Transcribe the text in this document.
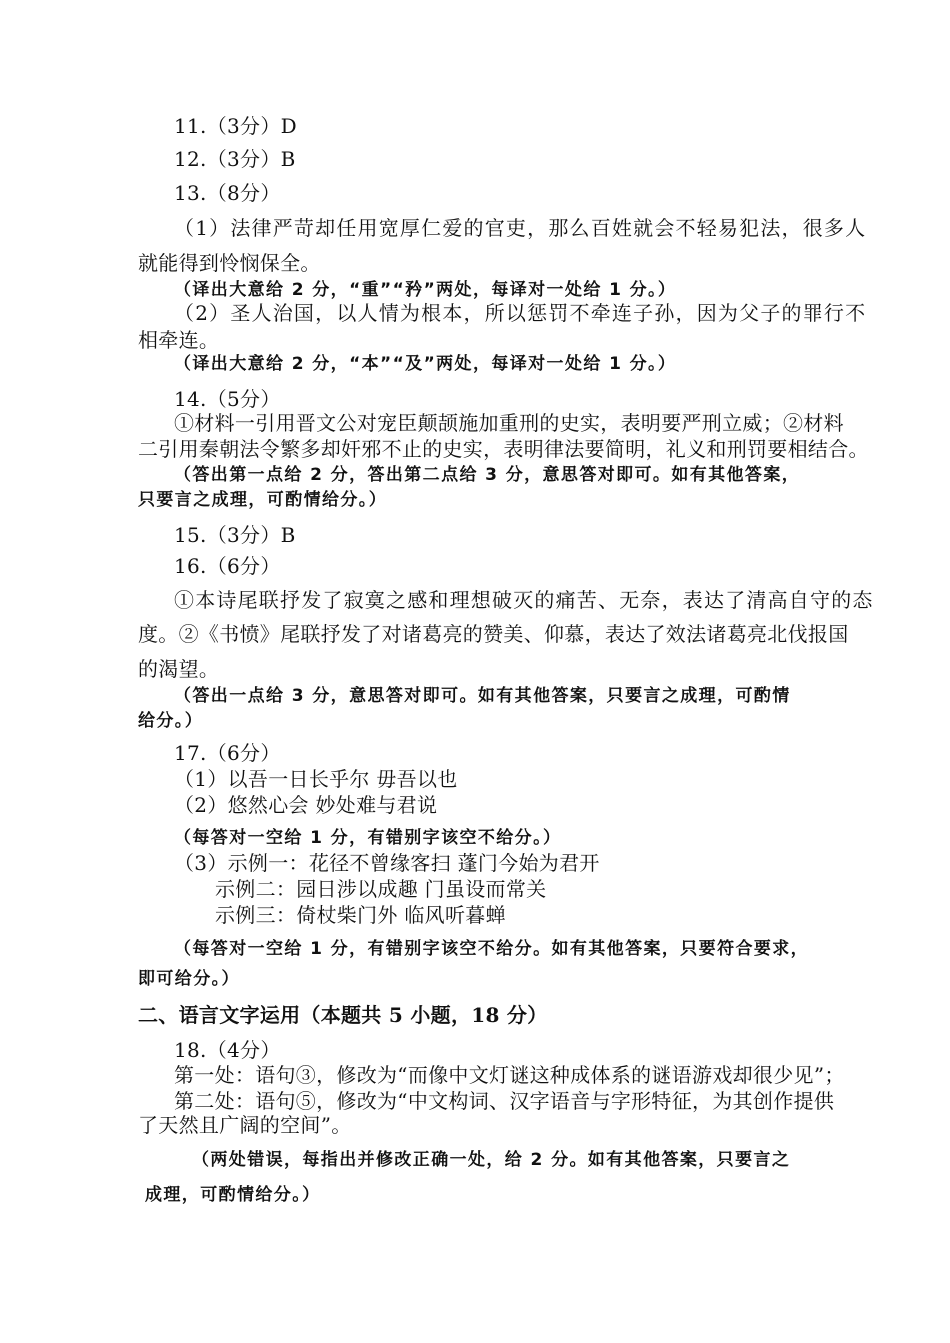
11.（3分）D
12.（3分）B
13.（8分）
（1）法律严苛却任用宽厚仁爱的官吏，那么百姓就会不轻易犯法，很多人
就能得到怜悯保全。
（译出大意给 2 分，“重”“矜”两处，每译对一处给 1 分。）
（2）圣人治国，以人情为根本，所以惩罚不牵连子孙，因为父子的罪行不
相牵连。
（译出大意给 2 分，“本”“及”两处，每译对一处给 1 分。）
14.（5分）
①材料一引用晋文公对宠臣颠颉施加重刑的史实，表明要严刑立威；②材料
二引用秦朝法令繁多却奸邪不止的史实，表明律法要简明，礼义和刑罚要相结合。
（答出第一点给 2 分，答出第二点给 3 分，意思答对即可。如有其他答案，
只要言之成理，可酌情给分。）
15.（3分）B
16.（6分）
①本诗尾联抒发了寂寞之感和理想破灭的痛苦、无奈，表达了清高自守的态
度。②《书愤》尾联抒发了对诸葛亮的赞美、仰慕，表达了效法诸葛亮北伐报国
的渴望。
（答出一点给 3 分，意思答对即可。如有其他答案，只要言之成理，可酌情
给分。）
17.（6分）
（1）以吾一日长乎尔 毋吾以也
（2）悠然心会 妙处难与君说
（每答对一空给 1 分，有错别字该空不给分。）
（3）示例一：花径不曾缘客扫 蓬门今始为君开
示例二：园日涉以成趣 门虽设而常关
示例三：倚杖柴门外 临风听暮蝉
（每答对一空给 1 分，有错别字该空不给分。如有其他答案，只要符合要求，
即可给分。）
二、语言文字运用（本题共 5 小题，18 分）
18.（4分）
第一处：语句③，修改为“而像中文灯谜这种成体系的谜语游戏却很少见”；
第二处：语句⑤，修改为“中文构词、汉字语音与字形特征，为其创作提供
了天然且广阔的空间”。
（两处错误，每指出并修改正确一处，给 2 分。如有其他答案，只要言之
成理，可酌情给分。）
